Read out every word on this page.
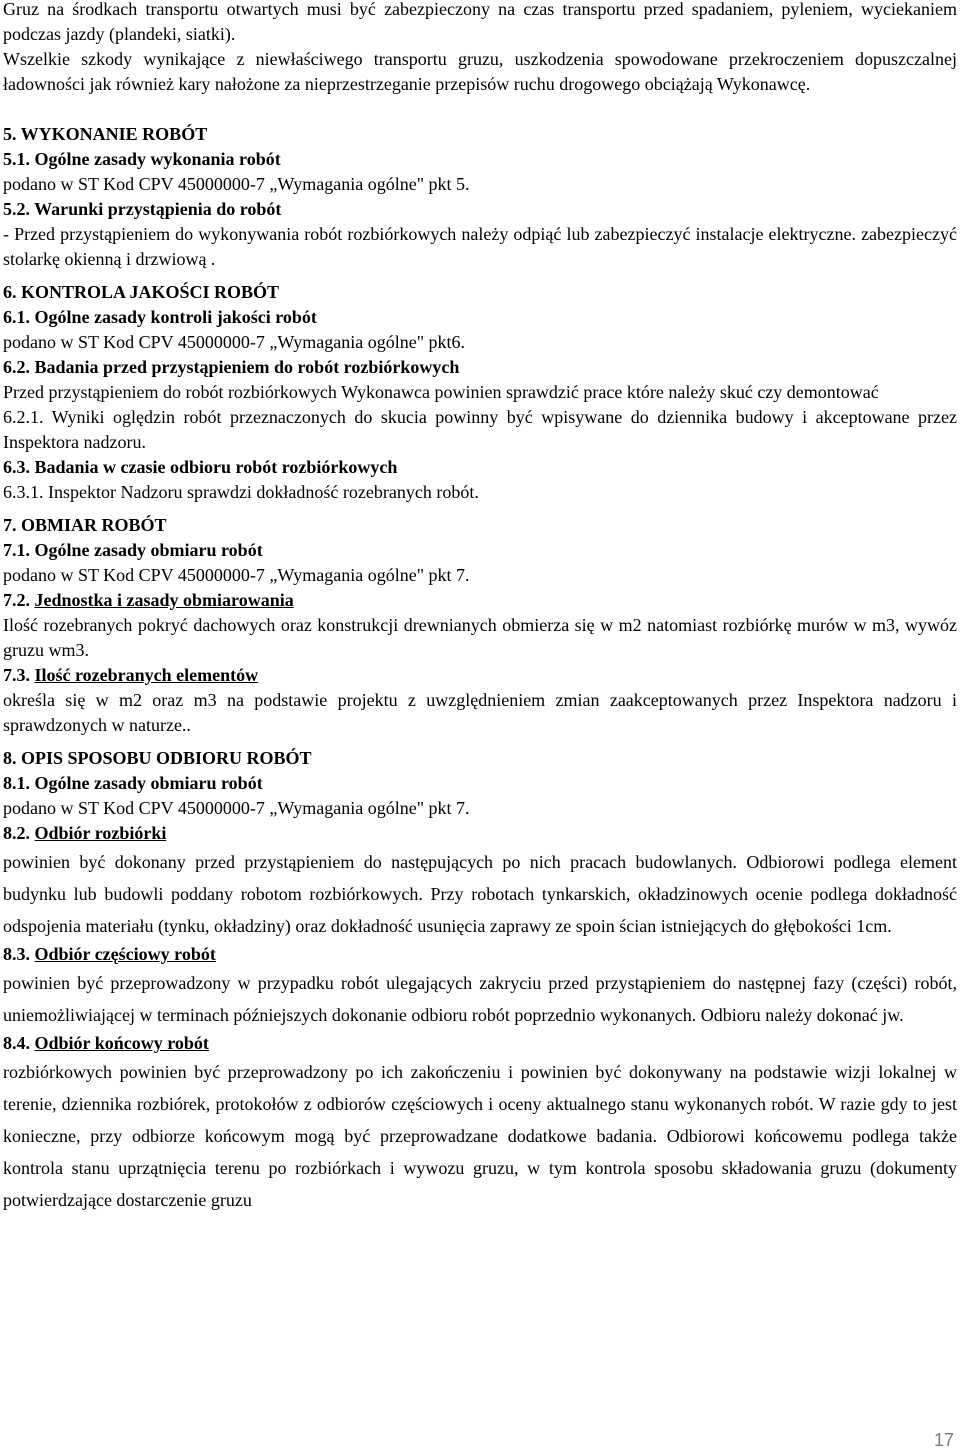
Gruz na środkach transportu otwartych musi być zabezpieczony na czas transportu przed spadaniem, pyleniem, wyciekaniem podczas jazdy (plandeki, siatki).

Wszelkie szkody wynikające z niewłaściwego transportu gruzu, uszkodzenia spowodowane przekroczeniem dopuszczalnej ładowności jak również kary nałożone za nieprzestrzeganie przepisów ruchu drogowego obciążają Wykonawcę.

5. WYKONANIE ROBÓT

5.1. Ogólne zasady wykonania robót

podano w ST Kod CPV 45000000-7 „Wymagania ogólne" pkt 5.

5.2. Warunki przystąpienia do robót

- Przed przystąpieniem do wykonywania robót rozbiórkowych należy odpiąć lub zabezpieczyć instalacje elektryczne. zabezpieczyć stolarkę okienną i drzwiową .

6. KONTROLA JAKOŚCI ROBÓT

6.1. Ogólne zasady kontroli jakości robót

podano w ST Kod CPV 45000000-7 „Wymagania ogólne" pkt6.

6.2. Badania przed przystąpieniem do robót rozbiórkowych

Przed przystąpieniem do robót rozbiórkowych Wykonawca powinien sprawdzić prace które należy skuć czy demontować

6.2.1. Wyniki oględzin robót przeznaczonych do skucia powinny być wpisywane do dziennika budowy i akceptowane przez Inspektora nadzoru.

6.3. Badania w czasie odbioru robót rozbiórkowych

6.3.1. Inspektor Nadzoru sprawdzi dokładność rozebranych robót.

7. OBMIAR ROBÓT

7.1. Ogólne zasady obmiaru robót

podano w ST Kod CPV 45000000-7 „Wymagania ogólne" pkt 7.

7.2. Jednostka i zasady obmiarowania

Ilość rozebranych pokryć dachowych oraz konstrukcji drewnianych obmierza się w m2 natomiast rozbiórkę murów w m3, wywóz gruzu wm3.

7.3. Ilość rozebranych elementów

określa się w m2 oraz m3 na podstawie projektu z uwzględnieniem zmian zaakceptowanych przez Inspektora nadzoru i sprawdzonych w naturze..

8. OPIS SPOSOBU ODBIORU ROBÓT

8.1. Ogólne zasady obmiaru robót

podano w ST Kod CPV 45000000-7 „Wymagania ogólne" pkt 7.

8.2. Odbiór rozbiórki

powinien być dokonany przed przystąpieniem do następujących po nich pracach budowlanych. Odbiorowi podlega element budynku lub budowli poddany robotom rozbiórkowych. Przy robotach tynkarskich, okładzinowych ocenie podlega dokładność odspojenia materiału (tynku, okładziny) oraz dokładność usunięcia zaprawy ze spoin ścian istniejących do głębokości 1cm.

8.3. Odbiór częściowy robót

powinien być przeprowadzony w przypadku robót ulegających zakryciu przed przystąpieniem do następnej fazy (części) robót, uniemożliwiającej w terminach późniejszych dokonanie odbioru robót poprzednio wykonanych. Odbioru należy dokonać jw.

8.4. Odbiór końcowy robót

rozbiórkowych powinien być przeprowadzony po ich zakończeniu i powinien być dokonywany na podstawie wizji lokalnej w terenie, dziennika rozbiórek, protokołów z odbiorów częściowych i oceny aktualnego stanu wykonanych robót. W razie gdy to jest konieczne, przy odbiorze końcowym mogą być przeprowadzane dodatkowe badania. Odbiorowi końcowemu podlega także kontrola stanu uprzątnięcia terenu po rozbiórkach i wywozu gruzu, w tym kontrola sposobu składowania gruzu (dokumenty potwierdzające dostarczenie gruzu

17
